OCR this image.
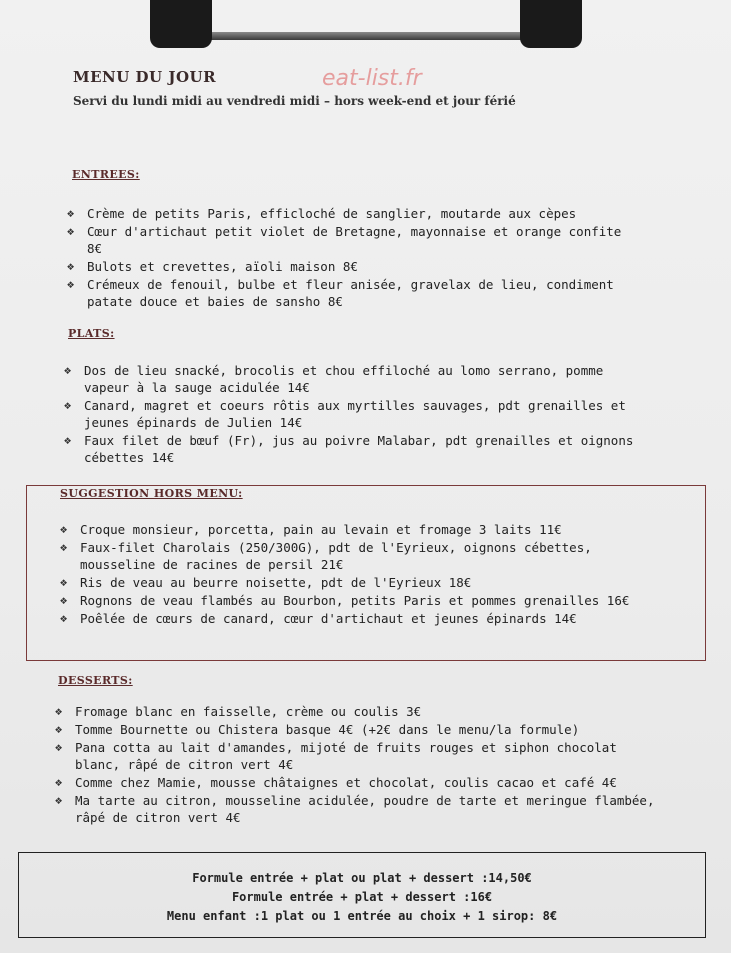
MENU DU JOUR	eat-list.fr
Servi du lundi midi au vendredi midi – hors week-end et jour férié
ENTREES:
❖ Crème de petits Paris, efficloché de sanglier, moutarde aux cèpes
❖ Cœur d'artichaut petit violet de Bretagne, mayonnaise et orange confite 8€
❖ Bulots et crevettes, aïoli maison 8€
❖ Crémeux de fenouil, bulbe et fleur anisée, gravelax de lieu, condiment patate douce et baies de sansho 8€
PLATS:
❖ Dos de lieu snacké, brocolis et chou effiloché au lomo serrano, pomme vapeur à la sauge acidulée 14€
❖ Canard, magret et coeurs rôtis aux myrtilles sauvages, pdt grenailles et jeunes épinards de Julien 14€
❖ Faux filet de bœuf (Fr), jus au poivre Malabar, pdt grenailles et oignons cébettes 14€
SUGGESTION HORS MENU:
❖ Croque monsieur, porcetta, pain au levain et fromage 3 laits 11€
❖ Faux-filet Charolais (250/300G), pdt de l'Eyrieux, oignons cébettes, mousseline de racines de persil 21€
❖ Ris de veau au beurre noisette, pdt de l'Eyrieux 18€
❖ Rognons de veau flambés au Bourbon, petits Paris et pommes grenailles 16€
❖ Poêlée de cœurs de canard, cœur d'artichaut et jeunes épinards 14€
DESSERTS:
❖ Fromage blanc en faisselle, crème ou coulis 3€
❖ Tomme Bournette ou Chistera basque 4€ (+2€ dans le menu/la formule)
❖ Pana cotta au lait d'amandes, mijoté de fruits rouges et siphon chocolat blanc, râpé de citron vert 4€
❖ Comme chez Mamie, mousse châtaignes et chocolat, coulis cacao et café 4€
❖ Ma tarte au citron, mousseline acidulée, poudre de tarte et meringue flambée, râpé de citron vert 4€
Formule entrée + plat ou plat + dessert :14,50€
Formule entrée + plat + dessert :16€
Menu enfant :1 plat ou 1 entrée au choix + 1 sirop: 8€
